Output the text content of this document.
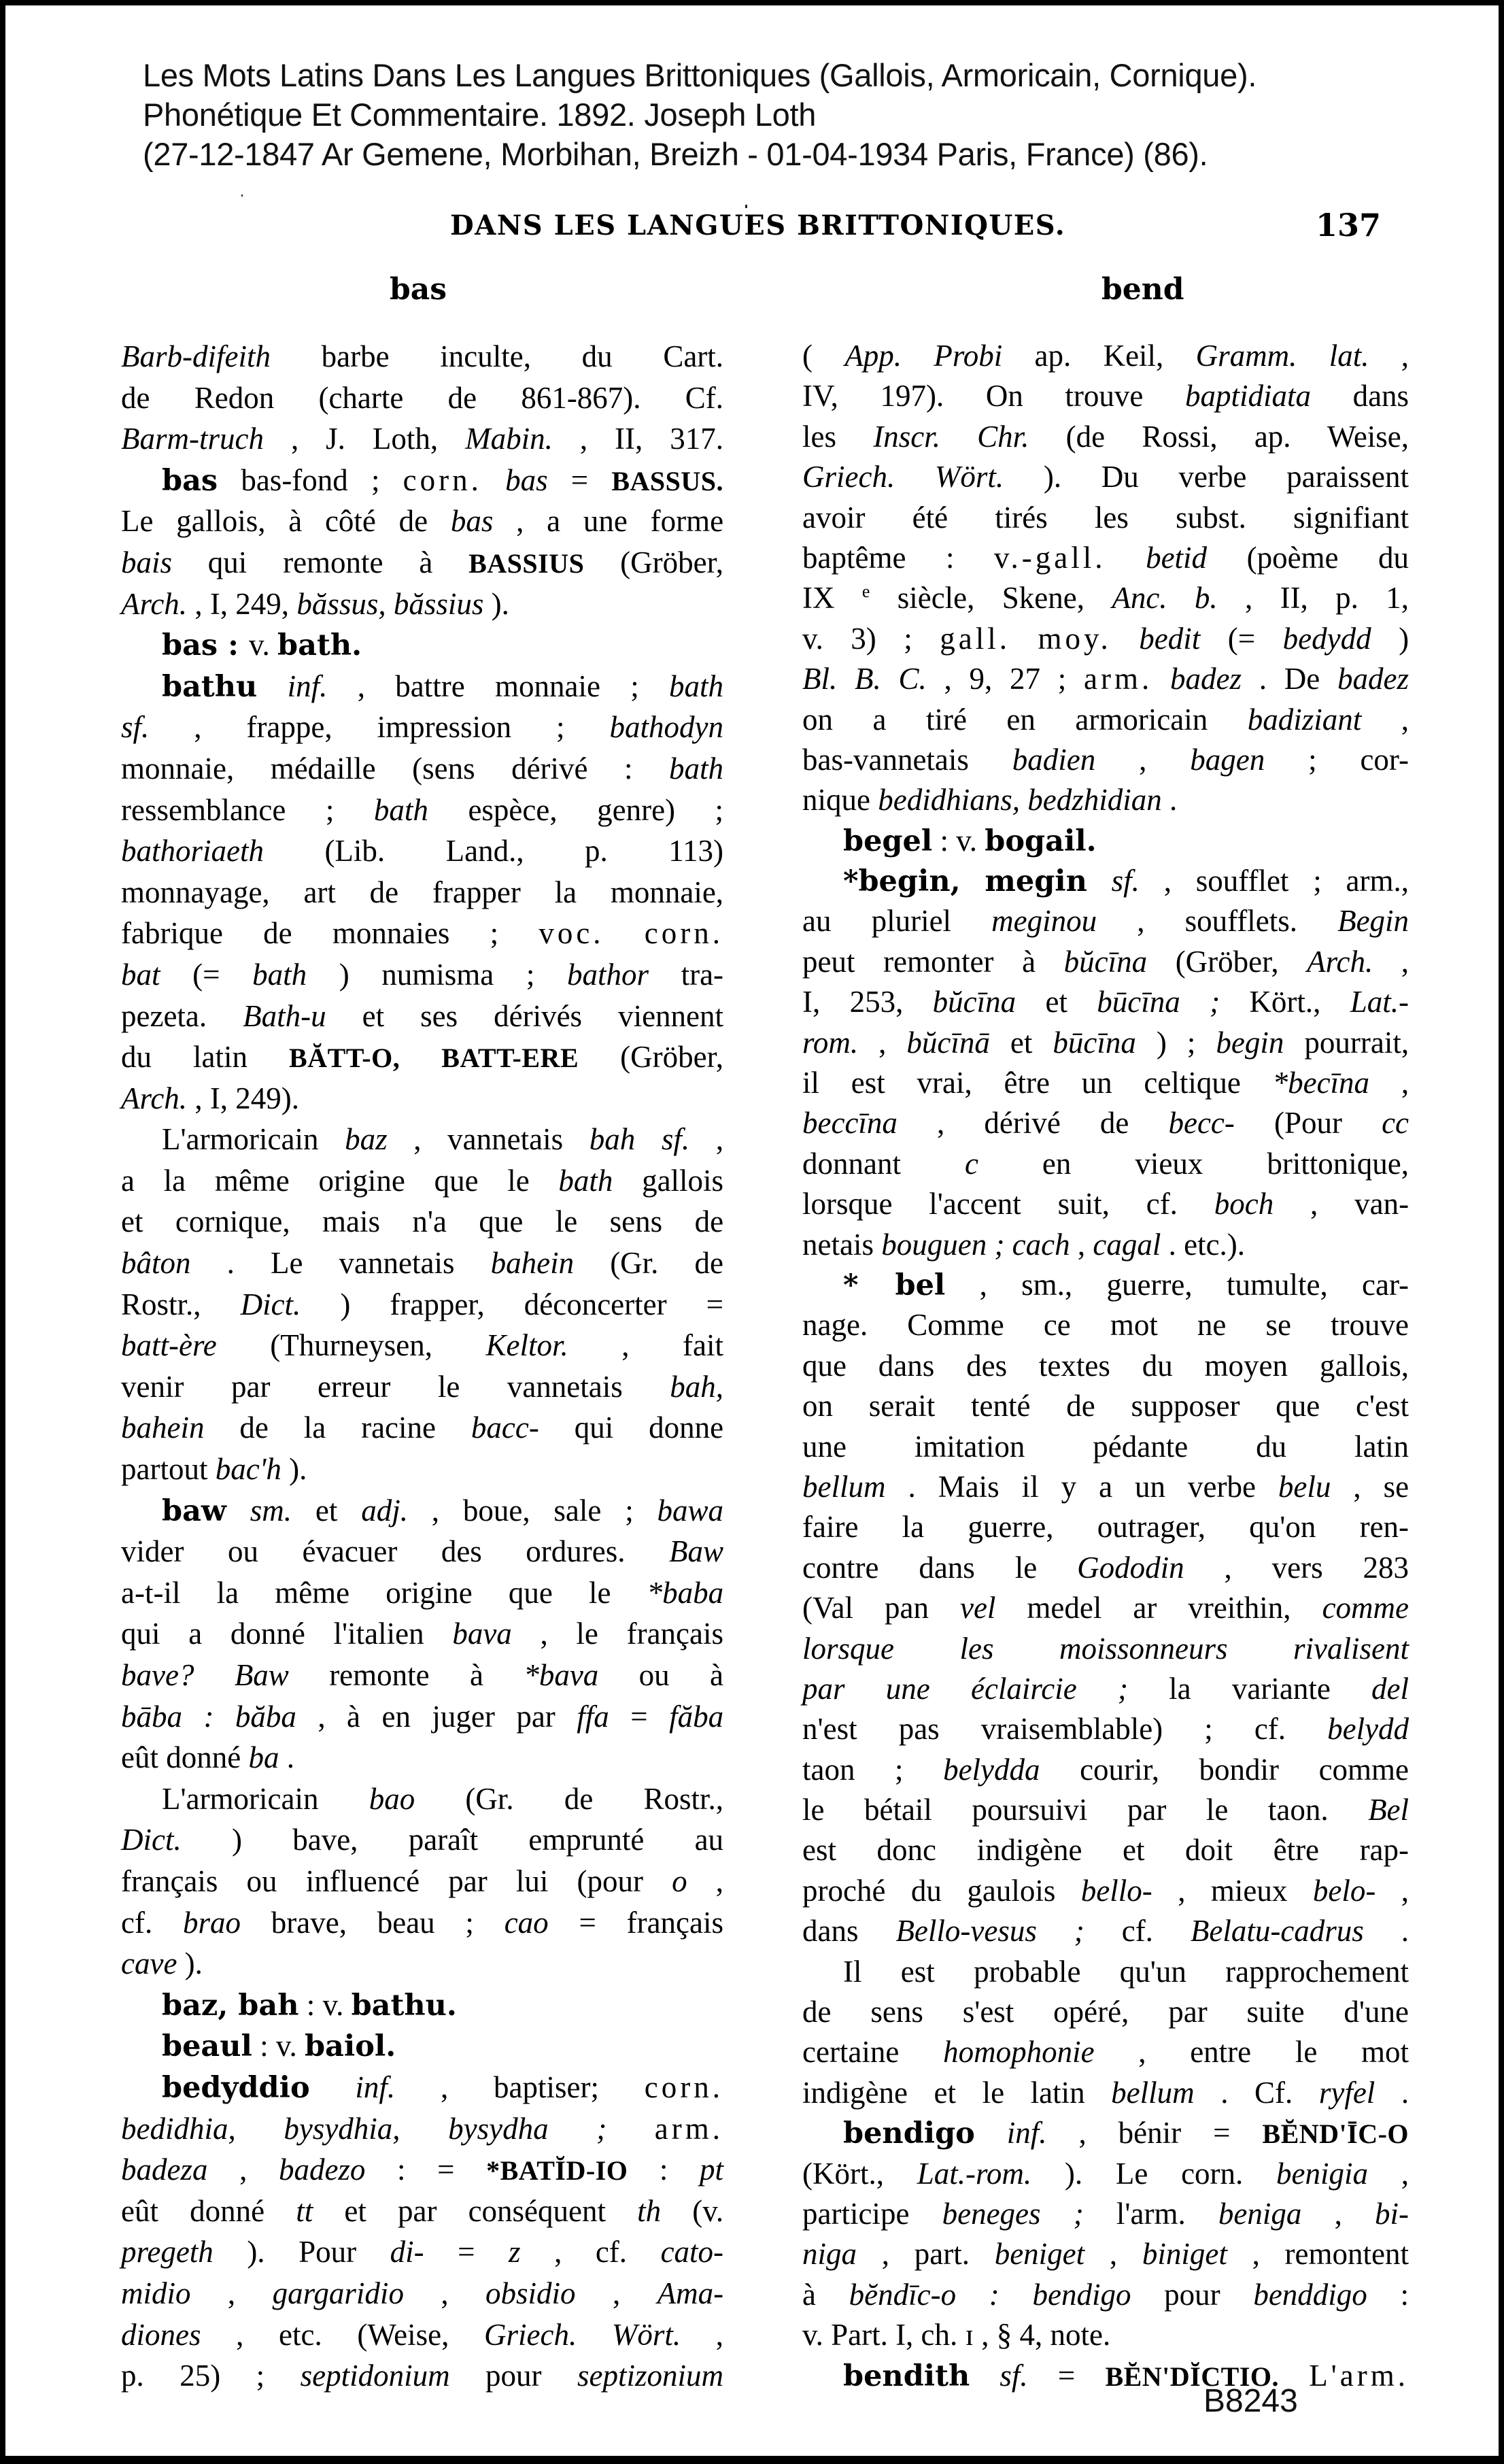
Les Mots Latins Dans Les Langues Brittoniques (Gallois, Armoricain, Cornique).
Phonétique Et Commentaire. 1892. Joseph Loth
(27-12-1847 Ar Gemene, Morbihan, Breizh - 01-04-1934 Paris, France) (86).
DANS LES LANGUES BRITTONIQUES.	137
bas	bend
Barb-difeith barbe inculte, du Cart.
de Redon (charte de 861-867). Cf.
Barm-truch , J. Loth, Mabin. , II, 317.
bas bas-fond ; corn. bas = BASSUS.
Le gallois, à côté de bas , a une forme
bais qui remonte à BASSIUS (Gröber,
Arch. , I, 249, băssus, băssius ).
bas : v. bath.
bathu inf. , battre monnaie ; bath
sf. , frappe, impression ; bathodyn
monnaie, médaille (sens dérivé : bath
ressemblance ; bath espèce, genre) ;
bathoriaeth (Lib. Land., p. 113)
monnayage, art de frapper la monnaie,
fabrique de monnaies ; voc. corn.
bat (= bath ) numisma ; bathor tra-
pezeta. Bath-u et ses dérivés viennent
du latin BĂTT-O, BATT-ERE (Gröber,
Arch. , I, 249).
L'armoricain baz , vannetais bah sf. ,
a la même origine que le bath gallois
et cornique, mais n'a que le sens de
bâton . Le vannetais bahein (Gr. de
Rostr., Dict. ) frapper, déconcerter =
batt-ère (Thurneysen, Keltor. , fait
venir par erreur le vannetais bah,
bahein de la racine bacc- qui donne
partout bac'h ).
baw sm. et adj. , boue, sale ; bawa
vider ou évacuer des ordures. Baw
a-t-il la même origine que le *baba
qui a donné l'italien bava , le français
bave? Baw remonte à *bava ou à
bāba : băba , à en juger par ffa = făba
eût donné ba .
L'armoricain bao (Gr. de Rostr.,
Dict. ) bave, paraît emprunté au
français ou influencé par lui (pour o ,
cf. brao brave, beau ; cao = français
cave ).
baz, bah : v. bathu.
beaul : v. baiol.
bedyddio inf. , baptiser; corn.
bedidhia, bysydhia, bysydha ; arm.
badeza , badezo : = *BATĬD-IO : pt
eût donné tt et par conséquent th (v.
pregeth ). Pour di- = z , cf. cato-
midio , gargaridio , obsidio , Ama-
diones , etc. (Weise, Griech. Wört. ,
p. 25) ; septidonium pour septizonium
( App. Probi ap. Keil, Gramm. lat. ,
IV, 197). On trouve baptidiata dans
les Inscr. Chr. (de Rossi, ap. Weise,
Griech. Wört. ). Du verbe paraissent
avoir été tirés les subst. signifiant
baptême : v.-gall. betid (poème du
IX $^e$ siècle, Skene, Anc. b. , II, p. 1,
v. 3) ; gall. moy. bedit (= bedydd )
Bl. B. C. , 9, 27 ; arm. badez . De badez
on a tiré en armoricain badiziant ,
bas-vannetais badien , bagen ; cor-
nique bedidhians, bedzhidian .
begel : v. bogail.
*begin, megin sf. , soufflet ; arm.,
au pluriel meginou , soufflets. Begin
peut remonter à bŭcīna (Gröber, Arch. ,
I, 253, bŭcīna et būcīna ; Kört., Lat.-
rom. , bŭcīnā et būcīna ) ; begin pourrait,
il est vrai, être un celtique *becīna ,
beccīna , dérivé de becc- (Pour cc
donnant c en vieux brittonique,
lorsque l'accent suit, cf. boch , van-
netais bouguen ; cach , cagal . etc.).
* bel , sm., guerre, tumulte, car-
nage. Comme ce mot ne se trouve
que dans des textes du moyen gallois,
on serait tenté de supposer que c'est
une imitation pédante du latin
bellum . Mais il y a un verbe belu , se
faire la guerre, outrager, qu'on ren-
contre dans le Gododin , vers 283
(Val pan vel medel ar vreithin, comme
lorsque les moissonneurs rivalisent
par une éclaircie ; la variante del
n'est pas vraisemblable) ; cf. belydd
taon ; belydda courir, bondir comme
le bétail poursuivi par le taon. Bel
est donc indigène et doit être rap-
proché du gaulois bello- , mieux belo- ,
dans Bello-vesus ; cf. Belatu-cadrus .
Il est probable qu'un rapprochement
de sens s'est opéré, par suite d'une
certaine homophonie , entre le mot
indigène et le latin bellum . Cf. ryfel .
bendigo inf. , bénir = BĔND'ĪC-O
(Kört., Lat.-rom. ). Le corn. benigia ,
participe beneges ; l'arm. beniga , bi-
niga , part. beniget , biniget , remontent
à bĕndīc-o : bendigo pour benddigo :
v. Part. I, ch. ɪ , § 4, note.
bendith sf. = BĔN'DĬCTIO. L'arm.
B8243
